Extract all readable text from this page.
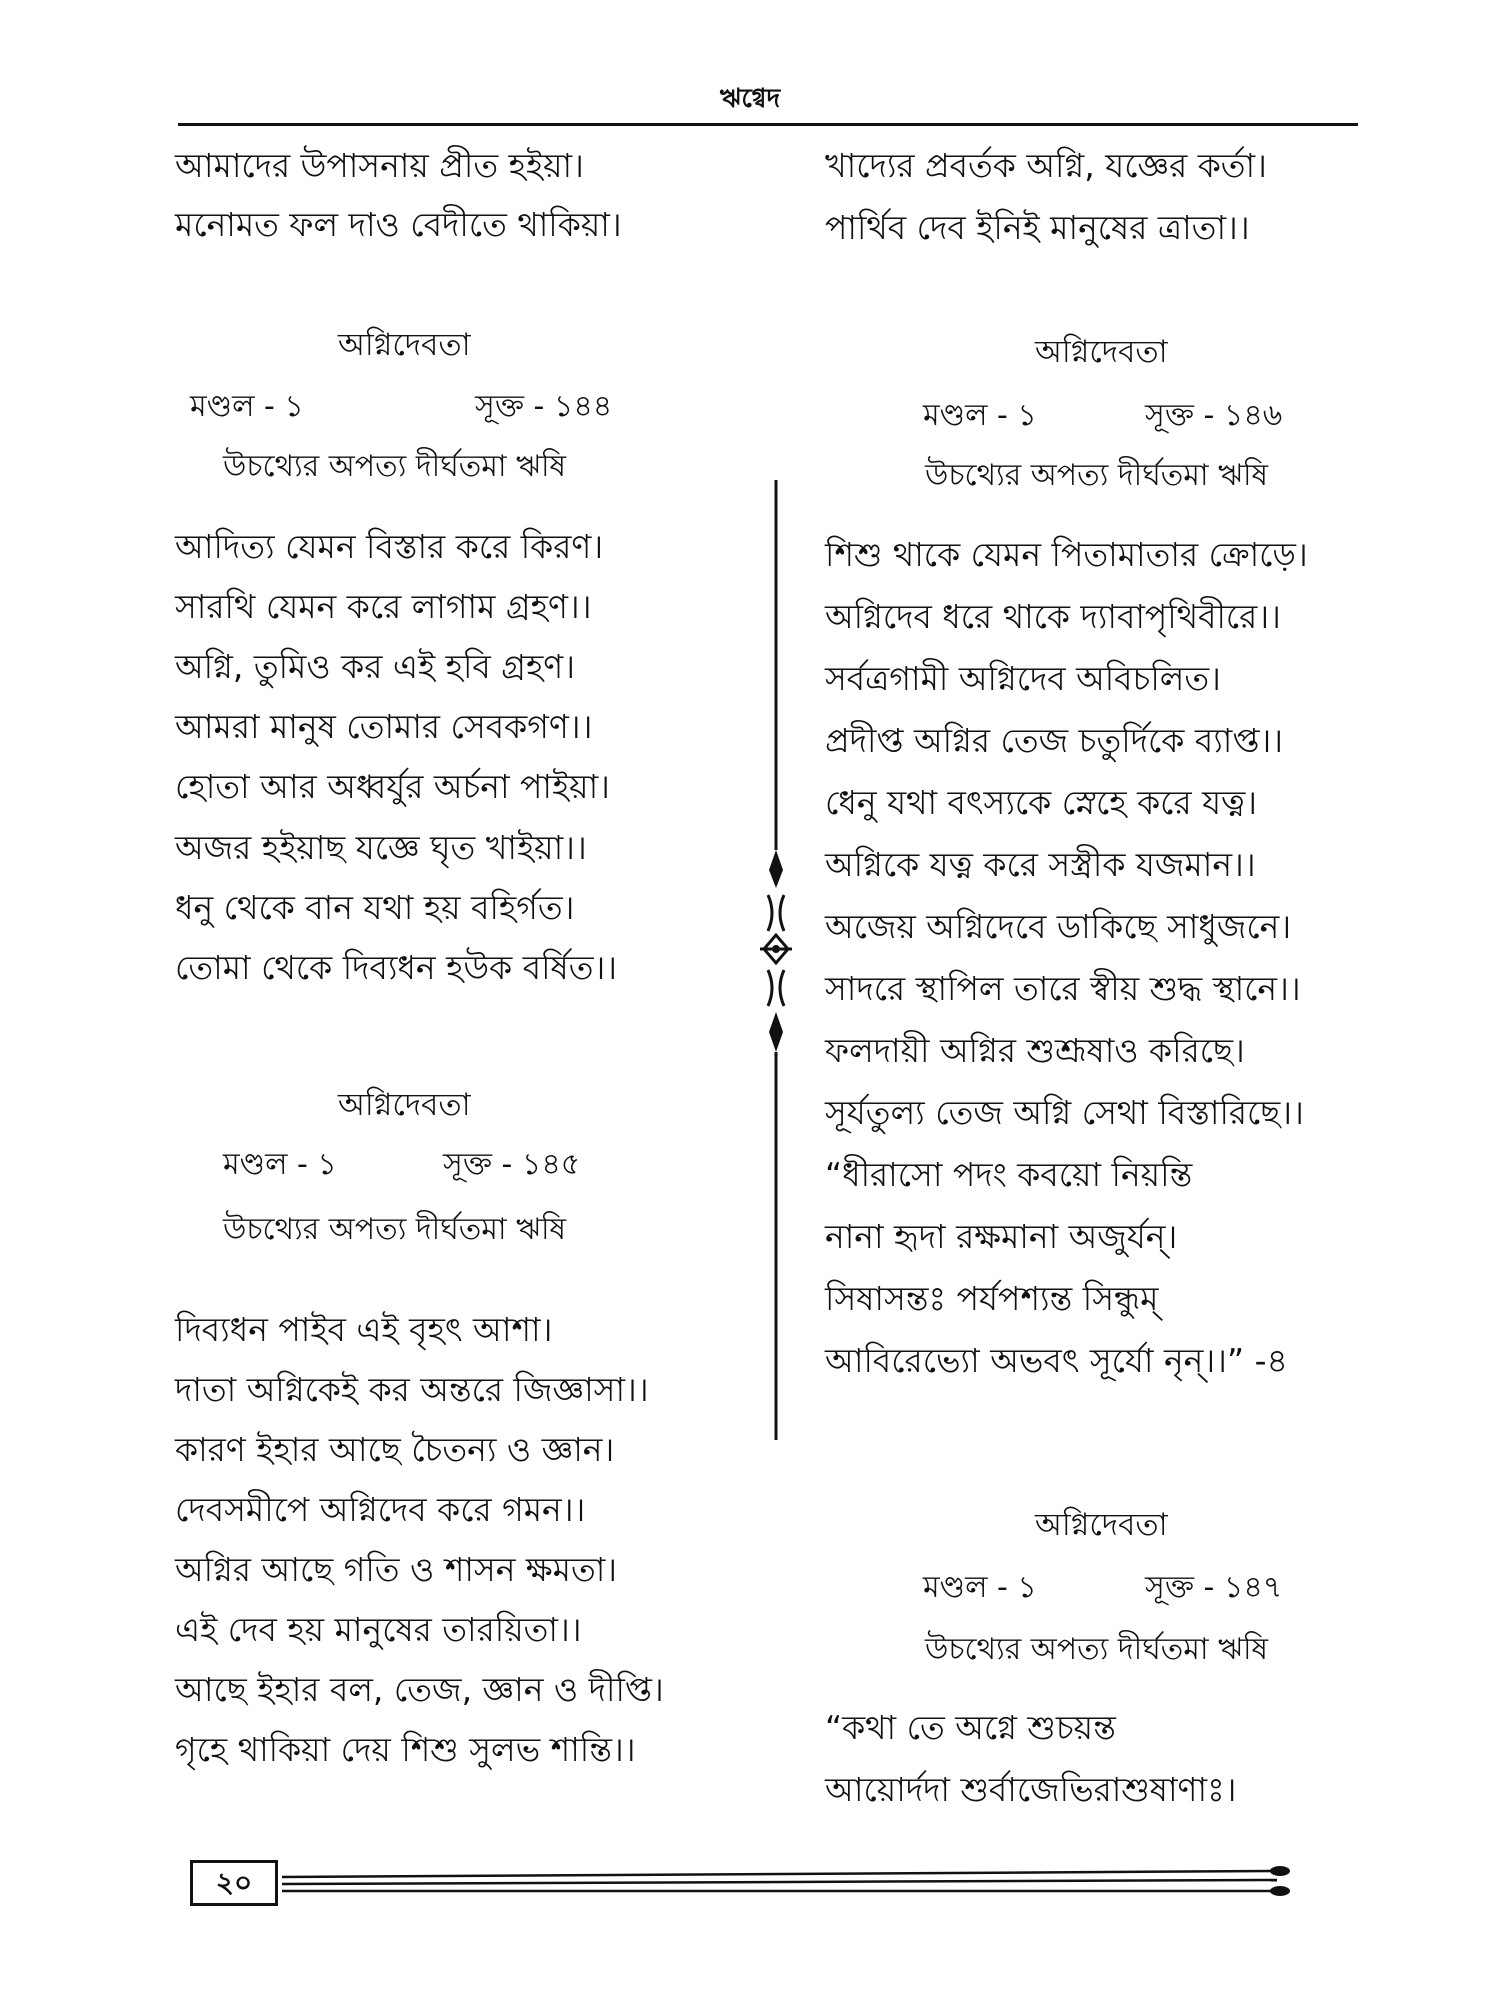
ঋগ্বেদ
আমাদের উপাসনায় প্রীত হইয়া।
মনোমত ফল দাও বেদীতে থাকিয়া।
অগ্নিদেবতা
মণ্ডল - ১	সূক্ত - ১৪৪
উচথ্যের অপত্য দীর্ঘতমা ঋষি
আদিত্য যেমন বিস্তার করে কিরণ।
সারথি যেমন করে লাগাম গ্রহণ।।
অগ্নি, তুমিও কর এই হবি গ্রহণ।
আমরা মানুষ তোমার সেবকগণ।।
হোতা আর অধ্বর্যুর অর্চনা পাইয়া।
অজর হইয়াছ যজ্ঞে ঘৃত খাইয়া।।
ধনু থেকে বান যথা হয় বহির্গত।
তোমা থেকে দিব্যধন হউক বর্ষিত।।
অগ্নিদেবতা
মণ্ডল - ১	সূক্ত - ১৪৫
উচথ্যের অপত্য দীর্ঘতমা ঋষি
দিব্যধন পাইব এই বৃহৎ আশা।
দাতা অগ্নিকেই কর অন্তরে জিজ্ঞাসা।।
কারণ ইহার আছে চৈতন্য ও জ্ঞান।
দেবসমীপে অগ্নিদেব করে গমন।।
অগ্নির আছে গতি ও শাসন ক্ষমতা।
এই দেব হয় মানুষের তারয়িতা।।
আছে ইহার বল, তেজ, জ্ঞান ও দীপ্তি।
গৃহে থাকিয়া দেয় শিশু সুলভ শান্তি।।
খাদ্যের প্রবর্তক অগ্নি, যজ্ঞের কর্তা।
পার্থিব দেব ইনিই মানুষের ত্রাতা।।
অগ্নিদেবতা
মণ্ডল - ১	সূক্ত - ১৪৬
উচথ্যের অপত্য দীর্ঘতমা ঋষি
শিশু থাকে যেমন পিতামাতার ক্রোড়ে।
অগ্নিদেব ধরে থাকে দ্যাবাপৃথিবীরে।।
সর্বত্রগামী অগ্নিদেব অবিচলিত।
প্রদীপ্ত অগ্নির তেজ চতুর্দিকে ব্যাপ্ত।।
ধেনু যথা বৎস্যকে স্নেহে করে যত্ন।
অগ্নিকে যত্ন করে সস্ত্রীক যজমান।।
অজেয় অগ্নিদেবে ডাকিছে সাধুজনে।
সাদরে স্থাপিল তারে স্বীয় শুদ্ধ স্থানে।।
ফলদায়ী অগ্নির শুশ্রূষাও করিছে।
সূর্যতুল্য তেজ অগ্নি সেথা বিস্তারিছে।।
“ধীরাসো পদং কবয়ো নিয়ন্তি
নানা হৃদা রক্ষমানা অজুর্যন্।
সিষাসন্তঃ পর্যপশ্যন্ত সিন্ধুম্
আবিরেভ্যো অভবৎ সূর্যো নৃন্।।” -৪
অগ্নিদেবতা
মণ্ডল - ১	সূক্ত - ১৪৭
উচথ্যের অপত্য দীর্ঘতমা ঋষি
“কথা তে অগ্নে শুচয়ন্ত
আয়োর্দদা শুর্বাজেভিরাশুষাণাঃ।
২০
